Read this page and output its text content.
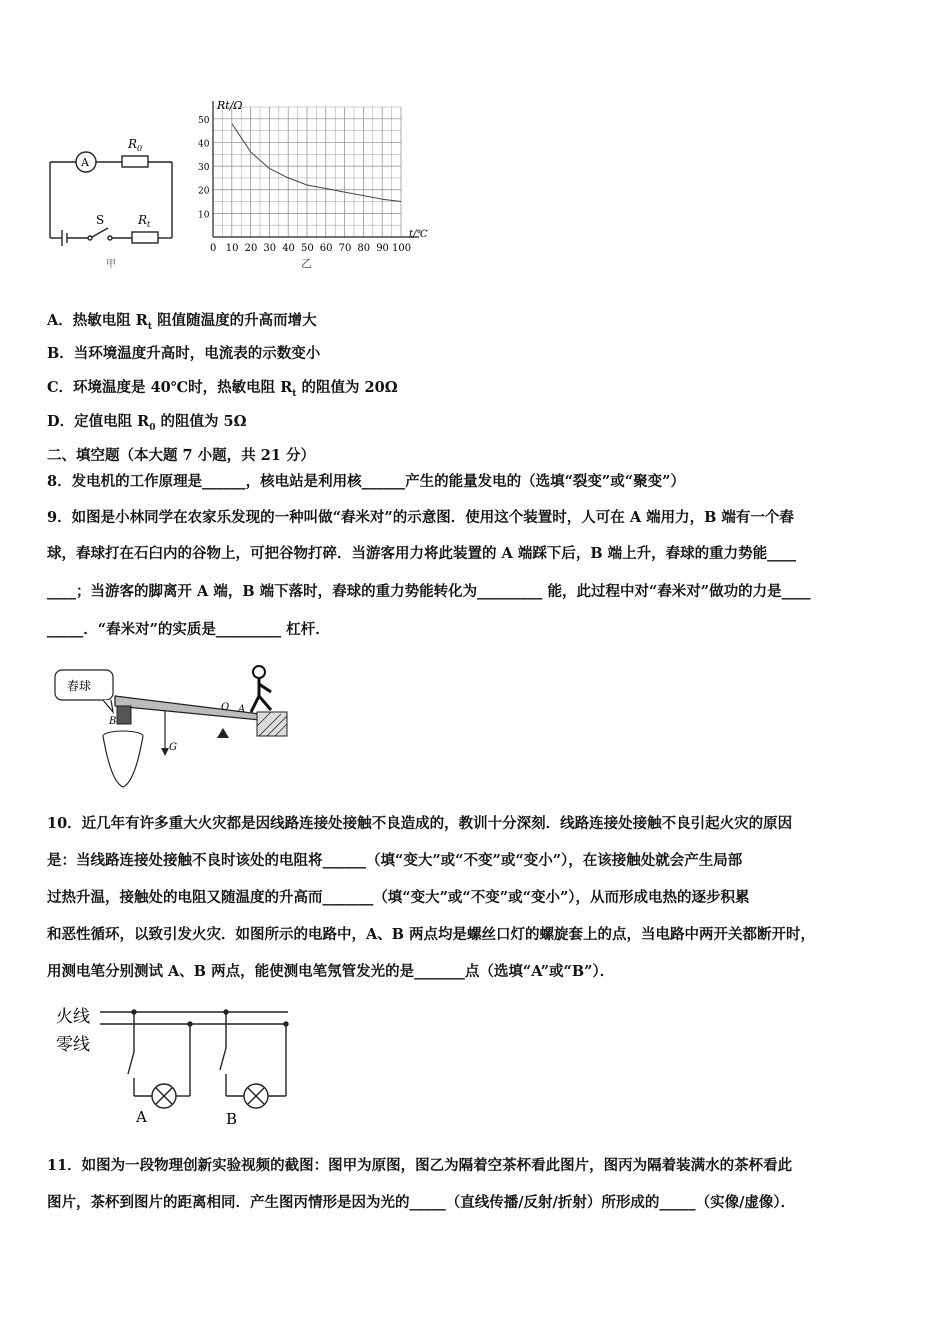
A
$R_0$
S	$R_t$
甲
0 10 20 30 40 50 60 70 80 90 100
10
20
30
40
50
Rt/Ω
t/℃
乙
A．热敏电阻 $R_t$ 阻值随温度的升高而增大
B．当环境温度升高时，电流表的示数变小
C．环境温度是 40℃时，热敏电阻 $R_t$ 的阻值为 20Ω
D．定值电阻 $R_0$ 的阻值为 5Ω
二、填空题（本大题 7 小题，共 21 分）
8．发电机的工作原理是______，核电站是利用核______产生的能量发电的（选填“裂变”或“聚变”）
9．如图是小林同学在农家乐发现的一种叫做“舂米对”的示意图．使用这个装置时，人可在 A 端用力，B 端有一个舂
球，舂球打在石臼内的谷物上，可把谷物打碎．当游客用力将此装置的 A 端踩下后，B 端上升，舂球的重力势能____
____；当游客的脚离开 A 端，B 端下落时，舂球的重力势能转化为_________ 能，此过程中对“舂米对”做功的力是____
_____．“舂米对”的实质是_________ 杠杆．
舂球
B
G
O A
10．近几年有许多重大火灾都是因线路连接处接触不良造成的，教训十分深刻．线路连接处接触不良引起火灾的原因
是：当线路连接处接触不良时该处的电阻将______（填“变大”或“不变”或“变小”），在该接触处就会产生局部
过热升温，接触处的电阻又随温度的升高而_______（填“变大”或“不变”或“变小”），从而形成电热的逐步积累
和恶性循环，以致引发火灾．如图所示的电路中，A、B 两点均是螺丝口灯的螺旋套上的点，当电路中两开关都断开时，
用测电笔分别测试 A、B 两点，能使测电笔氖管发光的是_______点（选填“A”或“B”）．
火线
零线
A	B
11．如图为一段物理创新实验视频的截图：图甲为原图，图乙为隔着空茶杯看此图片，图丙为隔着装满水的茶杯看此
图片，茶杯到图片的距离相同．产生图丙情形是因为光的_____（直线传播/反射/折射）所形成的_____（实像/虚像）．
